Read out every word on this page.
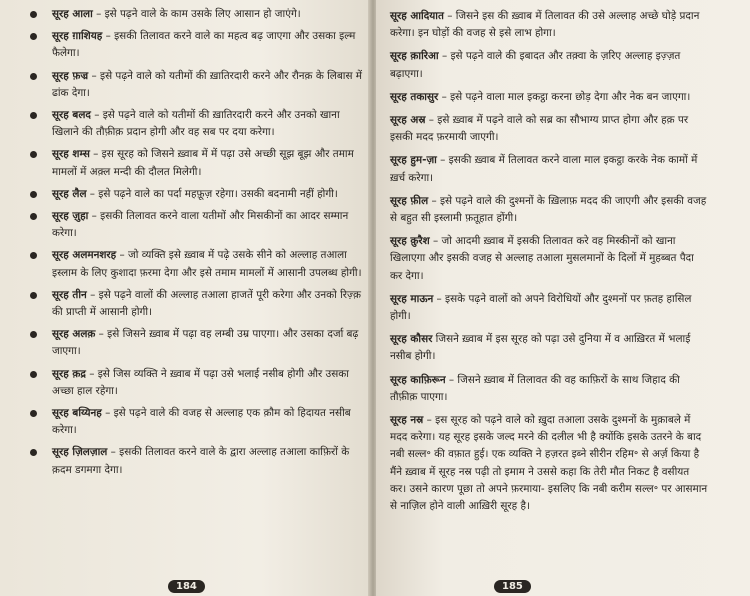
सूरह आला – इसे पढ़ने वाले के काम उसके लिए आसान हो जाएंगे।
सूरह ग़ाशियह – इसकी तिलावत करने वाले का महत्व बढ़ जाएगा और उसका इल्म फैलेगा।
सूरह फ़ज्र – इसे पढ़ने वाले को यतीमों की ख़ातिरदारी करने और रौनक़ के लिबास में ढांक देगा।
सूरह बलद – इसे पढ़ने वाले को यतीमों की ख़ातिरदारी करने और उनको खाना खिलाने की तौफ़ीक़ प्रदान होगी और वह सब पर दया करेगा।
सूरह शम्स – इस सूरह को जिसने ख़्वाब में में पढ़ा उसे अच्छी सूझ बूझ और तमाम मामलों में अक़्ल मन्दी की दौलत मिलेगी।
सूरह लैल – इसे पढ़ने वाले का पर्दा महफ़ूज़ रहेगा। उसकी बदनामी नहीं होगी।
सूरह ज़ुहा – इसकी तिलावत करने वाला यतीमों और मिसकीनों का आदर सम्मान करेगा।
सूरह अलमनशरह – जो व्यक्ति इसे ख़्वाब में पढ़े उसके सीने को अल्लाह तआला इस्लाम के लिए कुशादा फ़रमा देगा और इसे तमाम मामलों में आसानी उपलब्ध होगी।
सूरह तीन – इसे पढ़ने वालों की अल्लाह तआला हाजतें पूरी करेगा और उनको रिज़्क़ की प्राप्ती में आसानी होगी।
सूरह अलक़ – इसे जिसने ख़्वाब में पढ़ा वह लम्बी उम्र पाएगा। और उसका दर्जा बढ़ जाएगा।
सूरह क़द्र – इसे जिस व्यक्ति ने ख़्वाब में पढ़ा उसे भलाई नसीब होगी और उसका अच्छा हाल रहेगा।
सूरह बय्यिनह – इसे पढ़ने वाले की वजह से अल्लाह एक क़ौम को हिदायत नसीब करेगा।
सूरह ज़िलज़ाल – इसकी तिलावत करने वाले के द्वारा अल्लाह तआला काफ़िरों के क़दम डगमगा देगा।
सूरह आदियात – जिसने इस की ख़्वाब में तिलावत की उसे अल्लाह अच्छे घोड़े प्रदान करेगा। इन घोड़ों की वजह से इसे लाभ होगा।
सूरह क़ारिआ – इसे पढ़ने वाले की इबादत और तक़्वा के ज़रिए अल्लाह इज़्ज़त बढ़ाएगा।
सूरह तकासुर – इसे पढ़ने वाला माल इकट्ठा करना छोड़ देगा और नेक बन जाएगा।
सूरह अस्र – इसे ख़्वाब में पढ़ने वाले को सब्र का सौभाग्य प्राप्त होगा और हक़ पर इसकी मदद फ़रमायी जाएगी।
सूरह हुम-ज़ा – इसकी ख़्वाब में तिलावत करने वाला माल इकट्ठा करके नेक कामों में ख़र्च करेगा।
सूरह फ़ील – इसे पढ़ने वाले की दुश्मनों के ख़िलाफ़ मदद की जाएगी और इसकी वजह से बहुत सी इस्लामी फ़तूहात होंगी।
सूरह क़ुरैश – जो आदमी ख़्वाब में इसकी तिलावत करे वह मिस्कीनों को खाना खिलाएगा और इसकी वजह से अल्लाह तआला मुसलमानों के दिलों में मुहब्बत पैदा कर देगा।
सूरह माऊन – इसके पढ़ने वालों को अपने विरोधियों और दुश्मनों पर फ़तह हासिल होगी।
सूरह कौसर जिसने ख़्वाब में इस सूरह को पढ़ा उसे दुनिया में व आख़िरत में भलाई नसीब होगी।
सूरह काफ़िरून – जिसने ख़्वाब में तिलावत की वह काफ़िरों के साथ जिहाद की तौफ़ीक़ पाएगा।
सूरह नस्र – इस सूरह को पढ़ने वाले को ख़ुदा तआला उसके दुश्मनों के मुक़ाबले में मदद करेगा। यह सूरह इसके जल्द मरने की दलील भी है क्योंकि इसके उतरने के बाद नबी सल्ल॰ की वफ़ात हुई। एक व्यक्ति ने हज़रत इब्ने सीरीन रहिम॰ से अर्ज़ किया है मैंने ख़्वाब में सूरह नस्र पढ़ी तो इमाम ने उससे कहा कि तेरी मौत निकट है वसीयत कर। उसने कारण पूछा तो अपने फ़रमाया- इसलिए कि नबी करीम सल्ल॰ पर आसमान से नाज़िल होने वाली आख़िरी सूरह है।
184	185
